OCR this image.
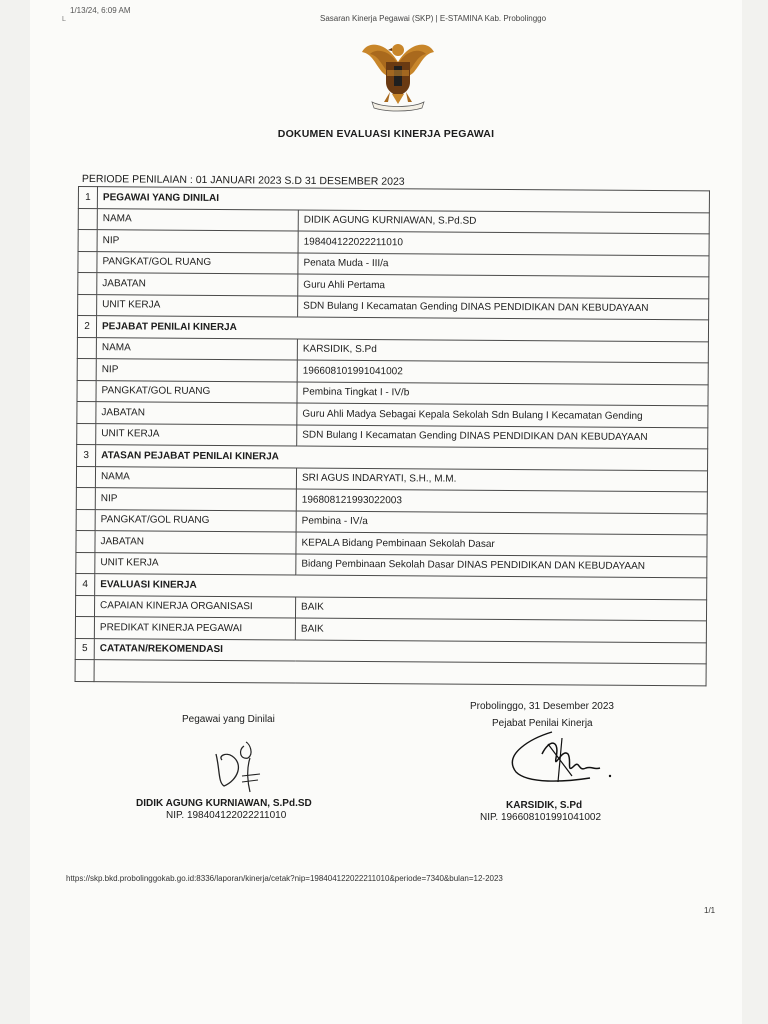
1/13/24, 6:09 AM
L	Sasaran Kinerja Pegawai (SKP) | E-STAMINA Kab. Probolinggo
DOKUMEN EVALUASI KINERJA PEGAWAI
PERIODE PENILAIAN : 01 JANUARI 2023 S.D 31 DESEMBER 2023
1	PEGAWAI YANG DINILAI	
	NAMA	DIDIK AGUNG KURNIAWAN, S.Pd.SD
	NIP	198404122022211010
	PANGKAT/GOL RUANG	Penata Muda - III/a
	JABATAN	Guru Ahli Pertama
	UNIT KERJA	SDN Bulang I Kecamatan Gending DINAS PENDIDIKAN DAN KEBUDAYAAN
2	PEJABAT PENILAI KINERJA	
	NAMA	KARSIDIK, S.Pd
	NIP	196608101991041002
	PANGKAT/GOL RUANG	Pembina Tingkat I - IV/b
	JABATAN	Guru Ahli Madya Sebagai Kepala Sekolah Sdn Bulang I Kecamatan Gending
	UNIT KERJA	SDN Bulang I Kecamatan Gending DINAS PENDIDIKAN DAN KEBUDAYAAN
3	ATASAN PEJABAT PENILAI KINERJA	
	NAMA	SRI AGUS INDARYATI, S.H., M.M.
	NIP	196808121993022003
	PANGKAT/GOL RUANG	Pembina - IV/a
	JABATAN	KEPALA Bidang Pembinaan Sekolah Dasar
	UNIT KERJA	Bidang Pembinaan Sekolah Dasar DINAS PENDIDIKAN DAN KEBUDAYAAN
4	EVALUASI KINERJA	
	CAPAIAN KINERJA ORGANISASI	BAIK
	PREDIKAT KINERJA PEGAWAI	BAIK
5	CATATAN/REKOMENDASI	

Pegawai yang Dinilai
DIDIK AGUNG KURNIAWAN, S.Pd.SD
NIP. 198404122022211010
Probolinggo, 31 Desember 2023
Pejabat Penilai Kinerja
KARSIDIK, S.Pd
NIP. 196608101991041002
https://skp.bkd.probolinggokab.go.id:8336/laporan/kinerja/cetak?nip=198404122022211010&periode=7340&bulan=12-2023
1/1
